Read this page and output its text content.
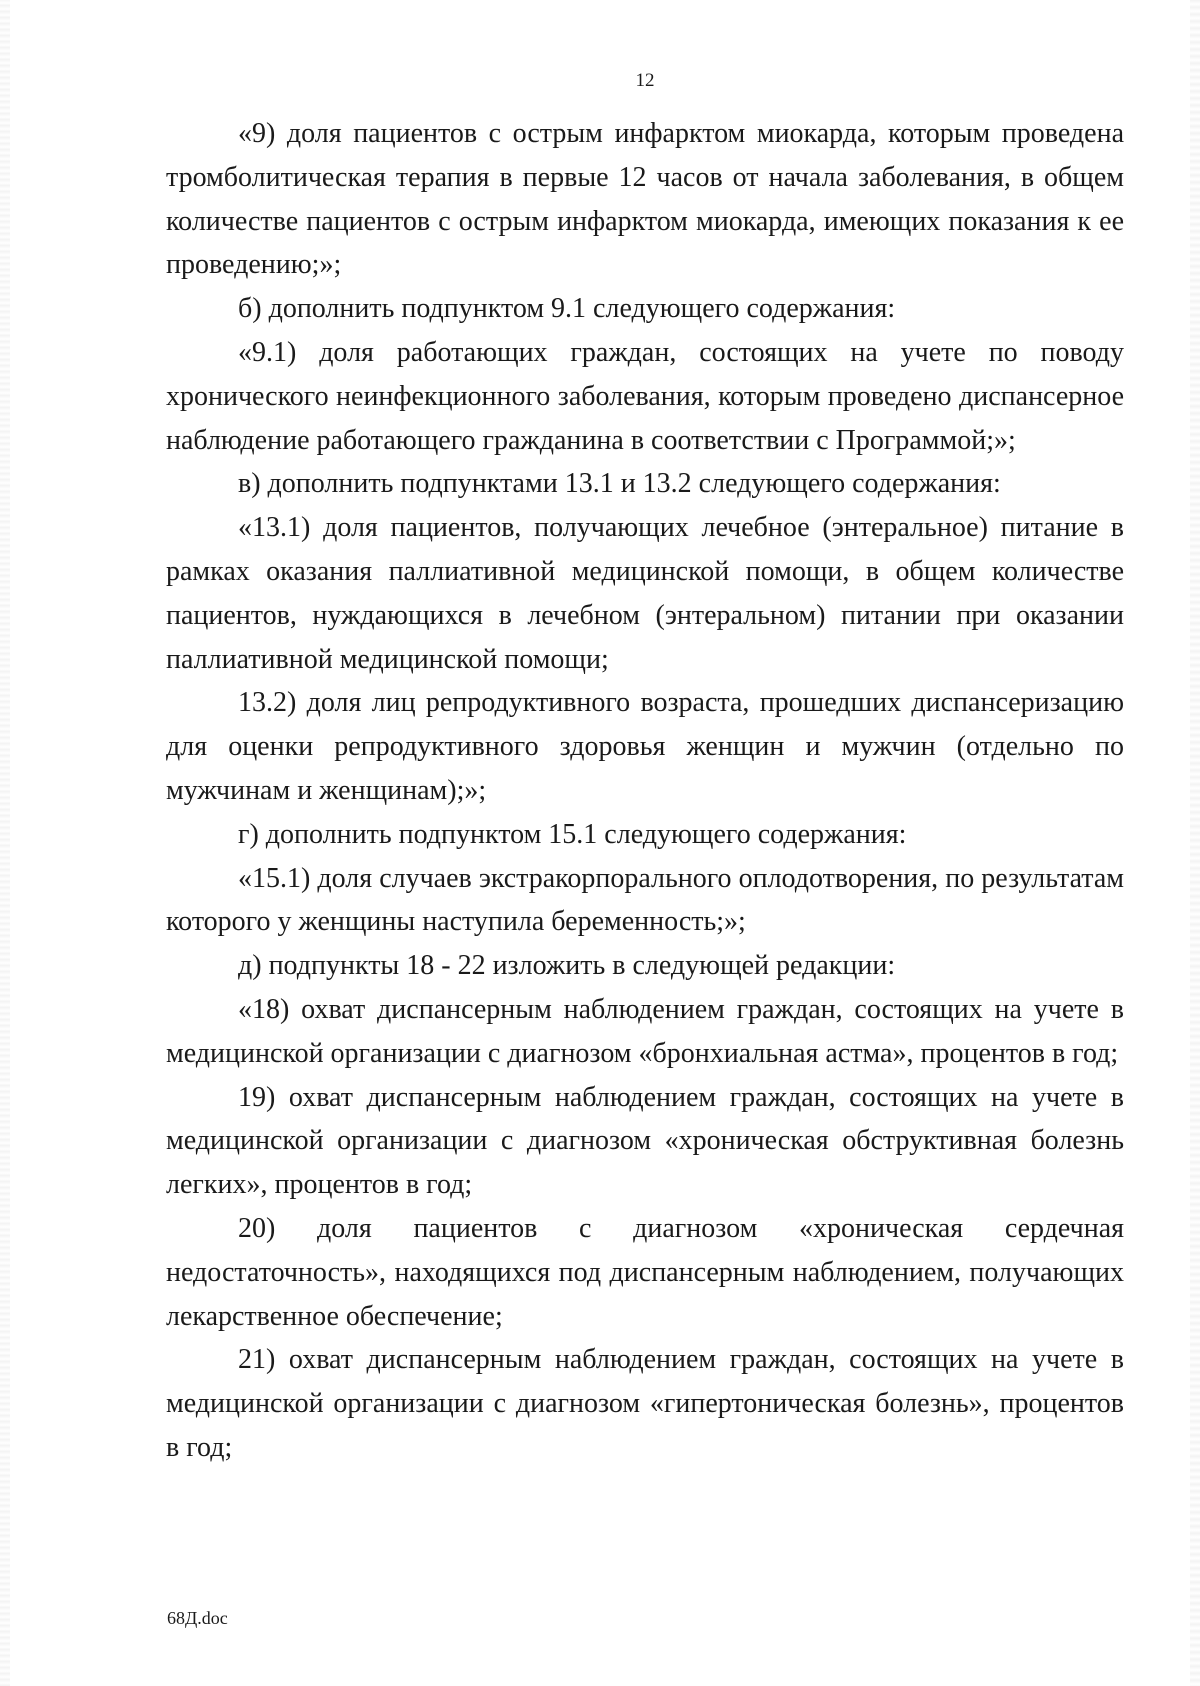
12

«9) доля пациентов с острым инфарктом миокарда, которым проведена тромболитическая терапия в первые 12 часов от начала заболевания, в общем количестве пациентов с острым инфарктом миокарда, имеющих показания к ее проведению;»;

б) дополнить подпунктом 9.1 следующего содержания:

«9.1) доля работающих граждан, состоящих на учете по поводу хронического неинфекционного заболевания, которым проведено диспансерное наблюдение работающего гражданина в соответствии с Программой;»;

в) дополнить подпунктами 13.1 и 13.2 следующего содержания:

«13.1) доля пациентов, получающих лечебное (энтеральное) питание в рамках оказания паллиативной медицинской помощи, в общем количестве пациентов, нуждающихся в лечебном (энтеральном) питании при оказании паллиативной медицинской помощи;

13.2) доля лиц репродуктивного возраста, прошедших диспансеризацию для оценки репродуктивного здоровья женщин и мужчин (отдельно по мужчинам и женщинам);»;

г) дополнить подпунктом 15.1 следующего содержания:

«15.1) доля случаев экстракорпорального оплодотворения, по результатам которого у женщины наступила беременность;»;

д) подпункты 18 - 22 изложить в следующей редакции:

«18) охват диспансерным наблюдением граждан, состоящих на учете в медицинской организации с диагнозом «бронхиальная астма», процентов в год;

19) охват диспансерным наблюдением граждан, состоящих на учете в медицинской организации с диагнозом «хроническая обструктивная болезнь легких», процентов в год;

20) доля пациентов с диагнозом «хроническая сердечная недостаточность», находящихся под диспансерным наблюдением, получающих лекарственное обеспечение;

21) охват диспансерным наблюдением граждан, состоящих на учете в медицинской организации с диагнозом «гипертоническая болезнь», процентов в год;

68Д.doc
